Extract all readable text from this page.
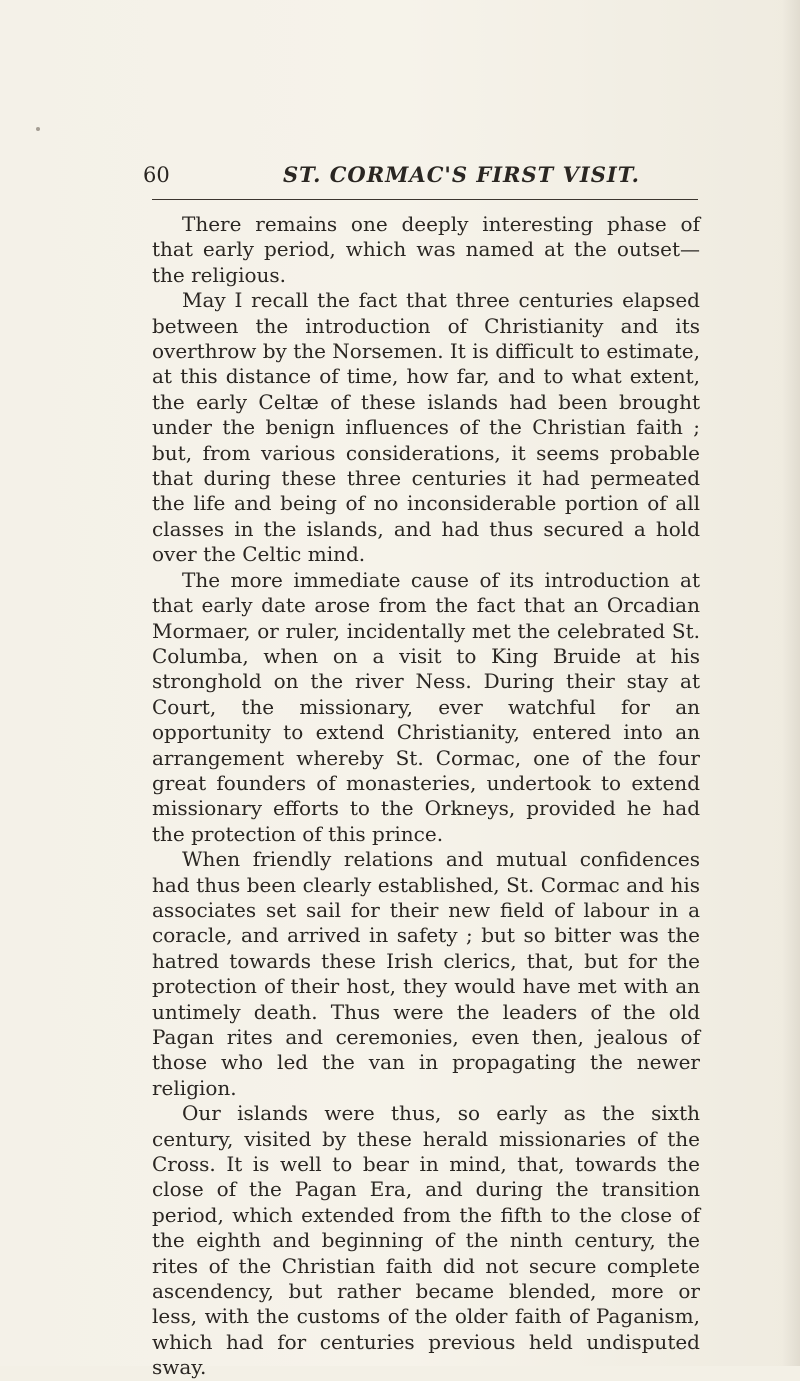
60	ST. CORMAC'S FIRST VISIT.

There remains one deeply interesting phase of that early period, which was named at the outset—the religious.

May I recall the fact that three centuries elapsed between the introduction of Christianity and its overthrow by the Norsemen. It is difficult to estimate, at this distance of time, how far, and to what extent, the early Celtæ of these islands had been brought under the benign influences of the Christian faith ; but, from various considerations, it seems probable that during these three centuries it had permeated the life and being of no inconsiderable portion of all classes in the islands, and had thus secured a hold over the Celtic mind.

The more immediate cause of its introduction at that early date arose from the fact that an Orcadian Mormaer, or ruler, incidentally met the celebrated St. Columba, when on a visit to King Bruide at his stronghold on the river Ness. During their stay at Court, the missionary, ever watchful for an opportunity to extend Christianity, entered into an arrangement whereby St. Cormac, one of the four great founders of monasteries, undertook to extend missionary efforts to the Orkneys, provided he had the protection of this prince.

When friendly relations and mutual confidences had thus been clearly established, St. Cormac and his associates set sail for their new field of labour in a coracle, and arrived in safety ; but so bitter was the hatred towards these Irish clerics, that, but for the protection of their host, they would have met with an untimely death. Thus were the leaders of the old Pagan rites and ceremonies, even then, jealous of those who led the van in propagating the newer religion.

Our islands were thus, so early as the sixth century, visited by these herald missionaries of the Cross. It is well to bear in mind, that, towards the close of the Pagan Era, and during the transition period, which extended from the fifth to the close of the eighth and beginning of the ninth century, the rites of the Christian faith did not secure complete ascendency, but rather became blended, more or less, with the customs of the older faith of Paganism, which had for centuries previous held undisputed sway.
